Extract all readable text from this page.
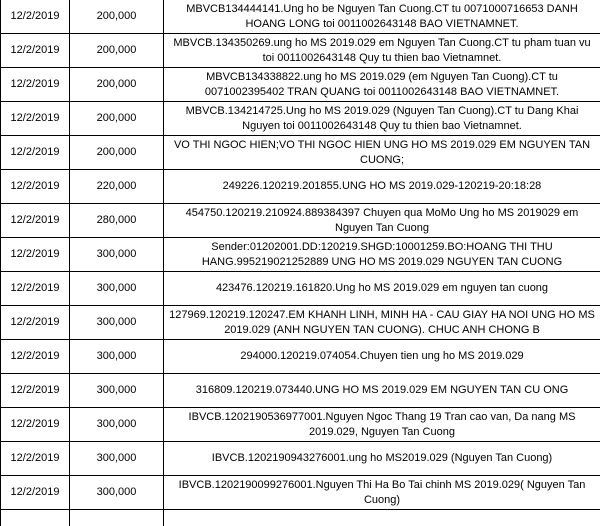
12/2/2019	200,000	MBVCB134444141.Ung ho be Nguyen Tan Cuong.CT tu 0071000716653 DANH HOANG LONG toi 0011002643148 BAO VIETNAMNET.
12/2/2019	200,000	MBVCB.134350269.ung ho MS 2019.029 em Nguyen Tan Cuong.CT tu pham tuan vu toi 0011002643148 Quy tu thien bao Vietnamnet.
12/2/2019	200,000	MBVCB134338822.ung ho MS 2019.029 (em Nguyen Tan Cuong).CT tu 0071002395402 TRAN QUANG toi 0011002643148 BAO VIETNAMNET.
12/2/2019	200,000	MBVCB.134214725.Ung ho MS 2019.029 (Nguyen Tan Cuong).CT tu Dang Khai Nguyen toi 0011002643148 Quy tu thien bao Vietnamnet.
12/2/2019	200,000	VO THI NGOC HIEN;VO THI NGOC HIEN UNG HO MS 2019.029 EM NGUYEN TAN CUONG;
12/2/2019	220,000	249226.120219.201855.UNG HO MS 2019.029-120219-20:18:28
12/2/2019	280,000	454750.120219.210924.889384397 Chuyen qua MoMo Ung ho MS 2019029 em Nguyen Tan Cuong
12/2/2019	300,000	Sender:01202001.DD:120219.SHGD:10001259.BO:HOANG THI THU HANG.995219021252889 UNG HO MS 2019.029 NGUYEN TAN CUONG
12/2/2019	300,000	423476.120219.161820.Ung ho MS 2019.029 em nguyen tan cuong
12/2/2019	300,000	127969.120219.120247.EM KHANH LINH, MINH HA - CAU GIAY HA NOI UNG HO MS 2019.029 (ANH NGUYEN TAN CUONG). CHUC ANH CHONG B
12/2/2019	300,000	294000.120219.074054.Chuyen tien ung ho MS 2019.029
12/2/2019	300,000	316809.120219.073440.UNG HO MS 2019.029 EM NGUYEN TAN CU ONG
12/2/2019	300,000	IBVCB.1202190536977001.Nguyen Ngoc Thang 19 Tran cao van, Da nang MS 2019.029, Nguyen Tan Cuong
12/2/2019	300,000	IBVCB.1202190943276001.ung ho MS2019.029 (Nguyen Tan Cuong)
12/2/2019	300,000	IBVCB.1202190099276001.Nguyen Thi Ha Bo Tai chinh MS 2019.029( Nguyen Tan Cuong)
